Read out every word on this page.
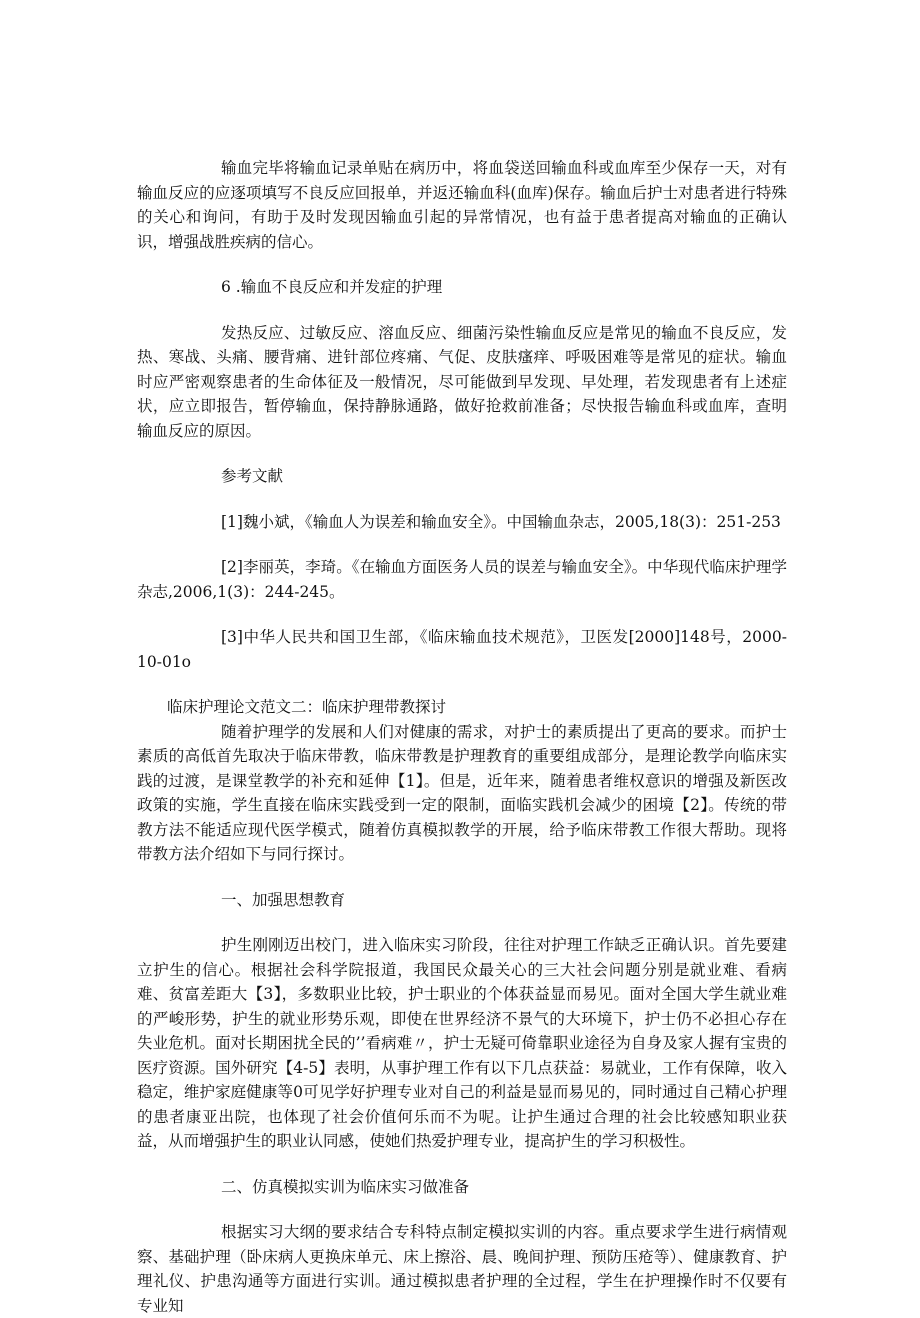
输血完毕将输血记录单贴在病历中，将血袋送回输血科或血库至少保存一天，对有输血反应的应逐项填写不良反应回报单，并返还输血科(血库)保存。输血后护士对患者进行特殊的关心和询问，有助于及时发现因输血引起的异常情况，也有益于患者提高对输血的正确认识，增强战胜疾病的信心。

6 .输血不良反应和并发症的护理

发热反应、过敏反应、溶血反应、细菌污染性输血反应是常见的输血不良反应，发热、寒战、头痛、腰背痛、进针部位疼痛、气促、皮肤瘙痒、呼吸困难等是常见的症状。输血时应严密观察患者的生命体征及一般情况，尽可能做到早发现、早处理，若发现患者有上述症状，应立即报告，暂停输血，保持静脉通路，做好抢救前准备；尽快报告输血科或血库，查明输血反应的原因。

参考文献

[1]魏小斌，《输血人为误差和输血安全》。中国输血杂志，2005,18(3)：251-253

[2]李丽英，李琦。《在输血方面医务人员的误差与输血安全》。中华现代临床护理学杂志,2006,1(3)：244-245。

[3]中华人民共和国卫生部，《临床输血技术规范》，卫医发[2000]148号，2000-10-01o

临床护理论文范文二：临床护理带教探讨

随着护理学的发展和人们对健康的需求，对护士的素质提出了更高的要求。而护士素质的高低首先取决于临床带教，临床带教是护理教育的重要组成部分，是理论教学向临床实践的过渡，是课堂教学的补充和延伸【1】。但是，近年来，随着患者维权意识的增强及新医改政策的实施，学生直接在临床实践受到一定的限制，面临实践机会减少的困境【2】。传统的带教方法不能适应现代医学模式，随着仿真模拟教学的开展，给予临床带教工作很大帮助。现将带教方法介绍如下与同行探讨。

一、加强思想教育

护生刚刚迈出校门，进入临床实习阶段，往往对护理工作缺乏正确认识。首先要建立护生的信心。根据社会科学院报道，我国民众最关心的三大社会问题分别是就业难、看病难、贫富差距大【3】，多数职业比较，护士职业的个体获益显而易见。面对全国大学生就业难的严峻形势，护生的就业形势乐观，即使在世界经济不景气的大环境下，护士仍不必担心存在失业危机。面对长期困扰全民的’’看病难〃，护士无疑可倚靠职业途径为自身及家人握有宝贵的医疗资源。国外研究【4-5】表明，从事护理工作有以下几点获益：易就业，工作有保障，收入稳定，维护家庭健康等0可见学好护理专业对自己的利益是显而易见的，同时通过自己精心护理的患者康亚出院，也体现了社会价值何乐而不为呢。让护生通过合理的社会比较感知职业获益，从而增强护生的职业认同感，使她们热爱护理专业，提高护生的学习积极性。

二、仿真模拟实训为临床实习做准备

根据实习大纲的要求结合专科特点制定模拟实训的内容。重点要求学生进行病情观察、基础护理（卧床病人更换床单元、床上擦浴、晨、晚间护理、预防压疮等）、健康教育、护理礼仪、护患沟通等方面进行实训。通过模拟患者护理的全过程，学生在护理操作时不仅要有专业知
